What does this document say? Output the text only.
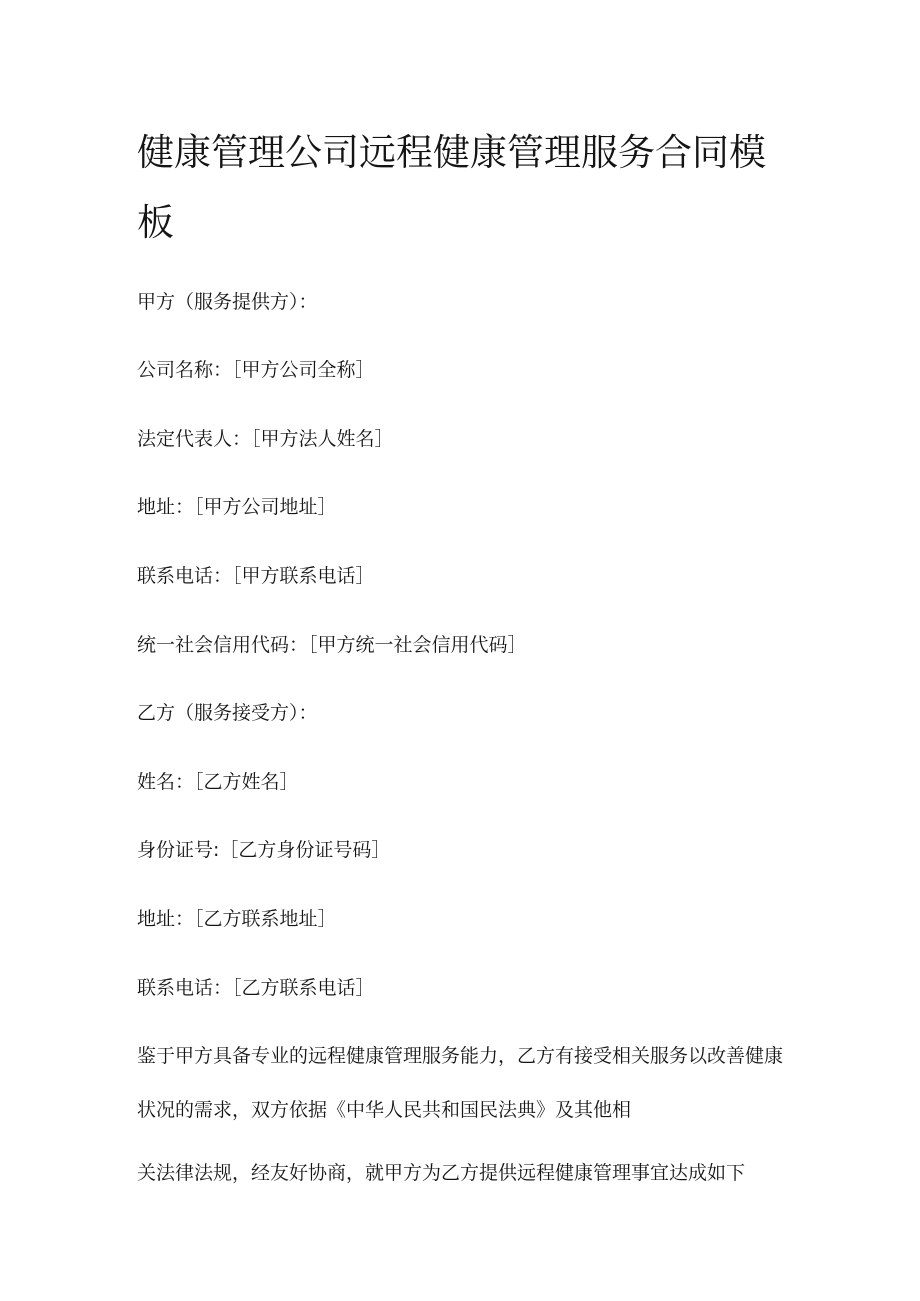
健康管理公司远程健康管理服务合同模板

甲方（服务提供方）：

公司名称：［甲方公司全称］

法定代表人：［甲方法人姓名］

地址：［甲方公司地址］

联系电话：［甲方联系电话］

统一社会信用代码：［甲方统一社会信用代码］

乙方（服务接受方）：

姓名：［乙方姓名］

身份证号:［乙方身份证号码］

地址：［乙方联系地址］

联系电话：［乙方联系电话］

鉴于甲方具备专业的远程健康管理服务能力，乙方有接受相关服务以改善健康状况的需求，双方依据《中华人民共和国民法典》及其他相

关法律法规，经友好协商，就甲方为乙方提供远程健康管理事宜达成如下
